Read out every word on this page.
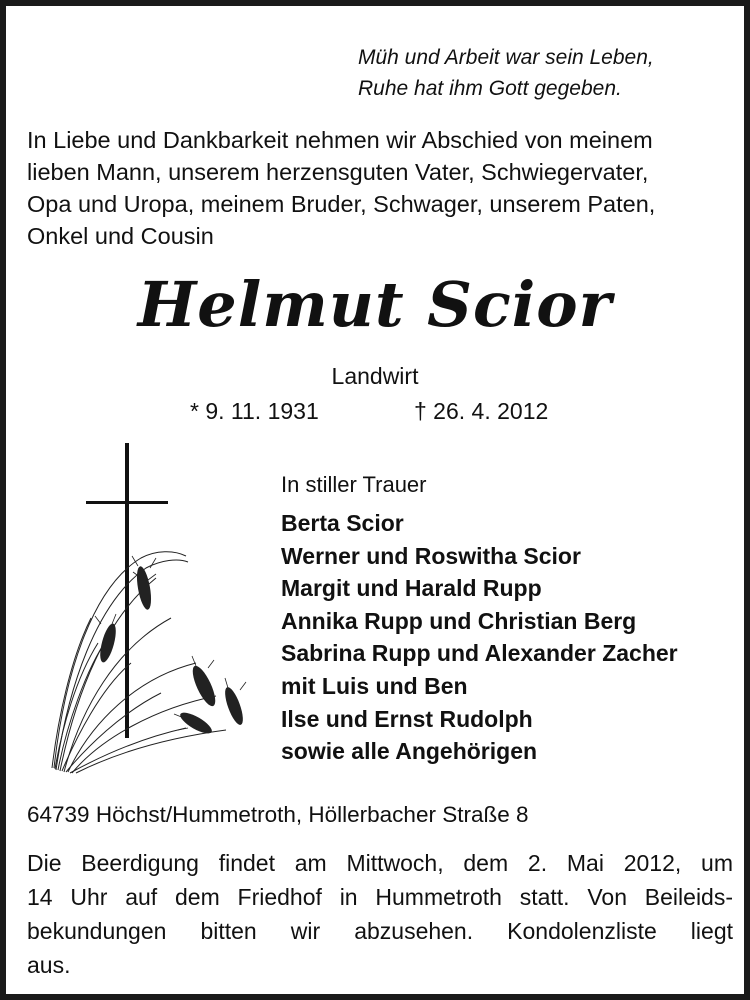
Müh und Arbeit war sein Leben,
Ruhe hat ihm Gott gegeben.
In Liebe und Dankbarkeit nehmen wir Abschied von meinem
lieben Mann, unserem herzensguten Vater, Schwiegervater,
Opa und Uropa, meinem Bruder, Schwager, unserem Paten,
Onkel und Cousin
Helmut Scior
Landwirt
* 9. 11. 1931	† 26. 4. 2012
In stiller Trauer
Berta Scior
Werner und Roswitha Scior
Margit und Harald Rupp
Annika Rupp und Christian Berg
Sabrina Rupp und Alexander Zacher
mit Luis und Ben
Ilse und Ernst Rudolph
sowie alle Angehörigen
64739 Höchst/Hummetroth, Höllerbacher Straße 8
Die Beerdigung findet am Mittwoch, dem 2. Mai 2012, um
14 Uhr auf dem Friedhof in Hummetroth statt. Von Beileids-
bekundungen bitten wir abzusehen. Kondolenzliste liegt
aus.
